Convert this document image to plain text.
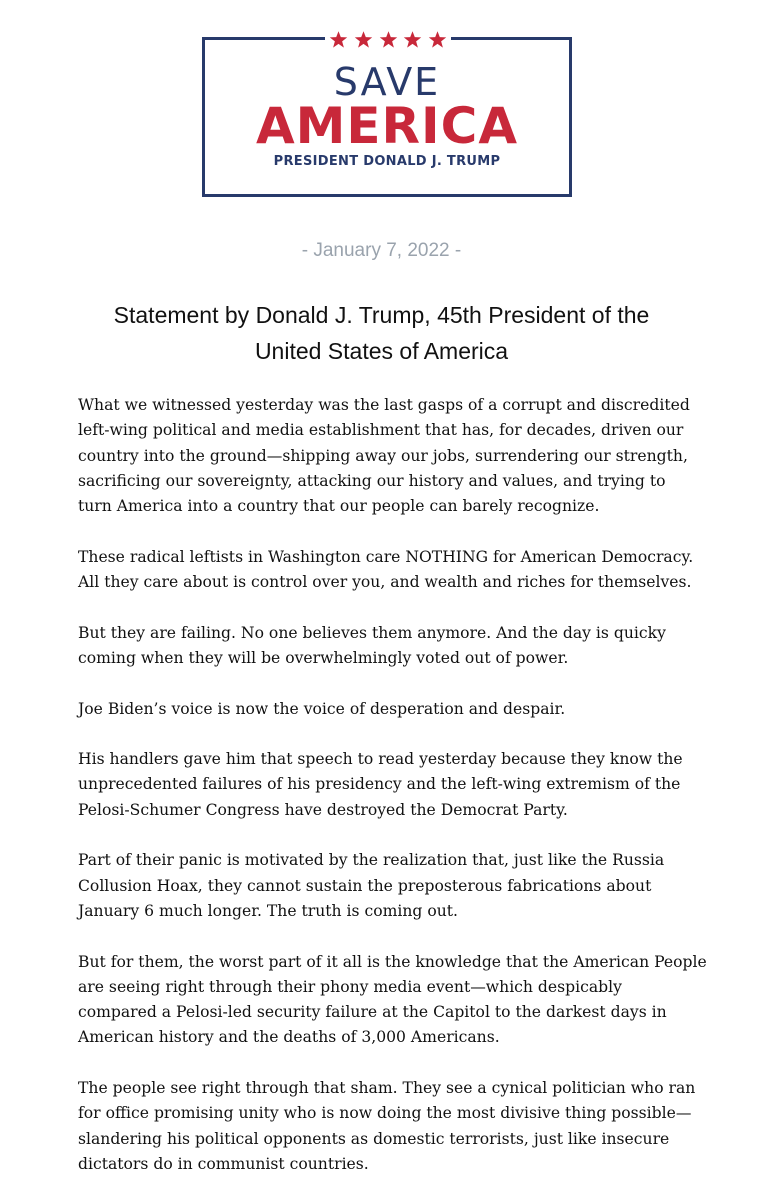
SAVE
AMERICA
PRESIDENT DONALD J. TRUMP
- January 7, 2022 -
Statement by Donald J. Trump, 45th President of the
United States of America

What we witnessed yesterday was the last gasps of a corrupt and discredited
left-wing political and media establishment that has, for decades, driven our
country into the ground—shipping away our jobs, surrendering our strength,
sacrificing our sovereignty, attacking our history and values, and trying to
turn America into a country that our people can barely recognize.

These radical leftists in Washington care NOTHING for American Democracy.
All they care about is control over you, and wealth and riches for themselves.

But they are failing. No one believes them anymore. And the day is quicky
coming when they will be overwhelmingly voted out of power.

Joe Biden’s voice is now the voice of desperation and despair.

His handlers gave him that speech to read yesterday because they know the
unprecedented failures of his presidency and the left-wing extremism of the
Pelosi-Schumer Congress have destroyed the Democrat Party.

Part of their panic is motivated by the realization that, just like the Russia
Collusion Hoax, they cannot sustain the preposterous fabrications about
January 6 much longer. The truth is coming out.

But for them, the worst part of it all is the knowledge that the American People
are seeing right through their phony media event—which despicably
compared a Pelosi-led security failure at the Capitol to the darkest days in
American history and the deaths of 3,000 Americans.

The people see right through that sham. They see a cynical politician who ran
for office promising unity who is now doing the most divisive thing possible—
slandering his political opponents as domestic terrorists, just like insecure
dictators do in communist countries.
